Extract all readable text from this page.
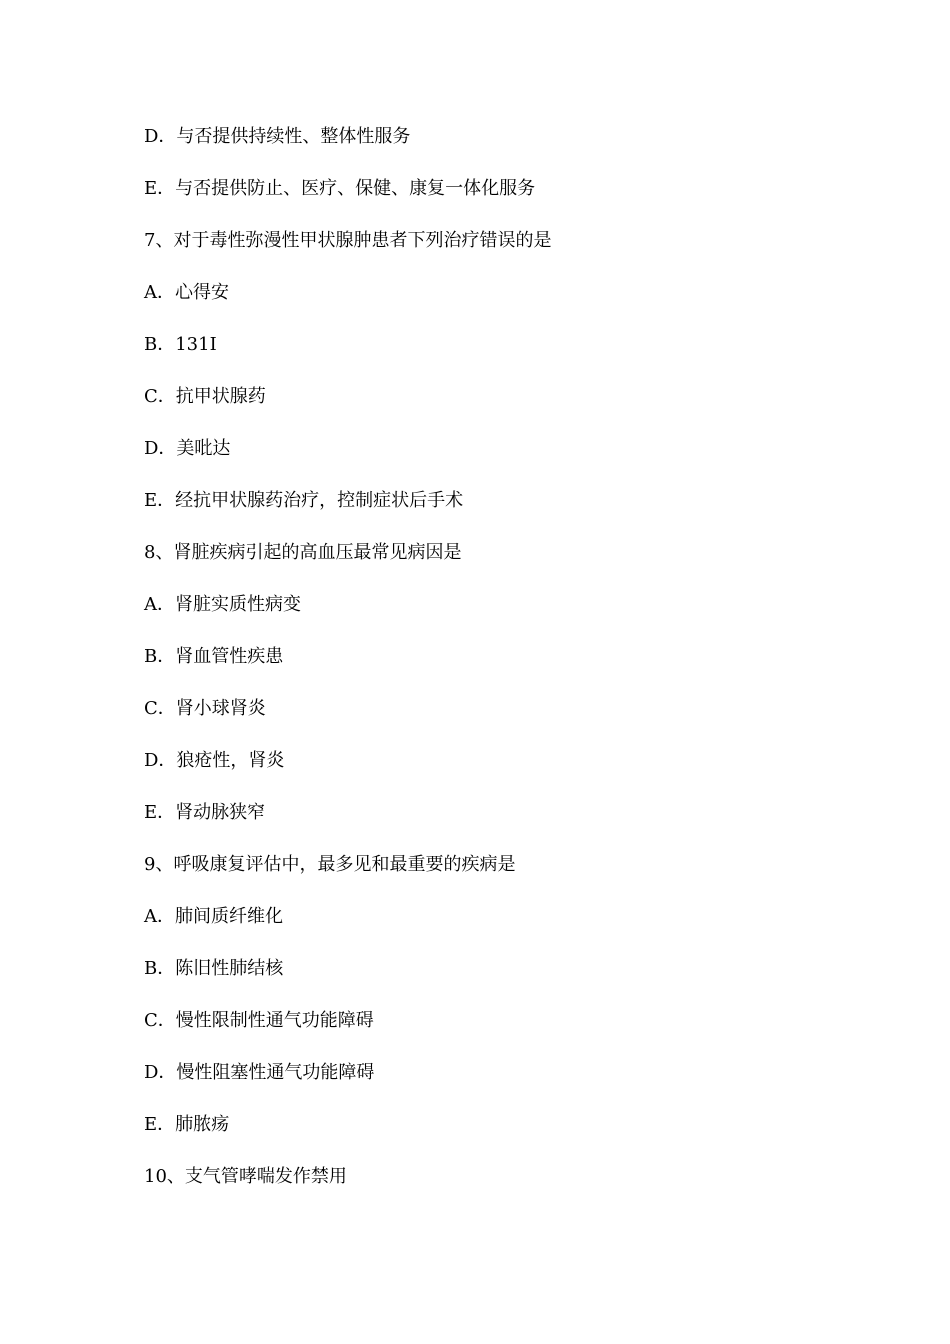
D．与否提供持续性、整体性服务
E．与否提供防止、医疗、保健、康复一体化服务
7、对于毒性弥漫性甲状腺肿患者下列治疗错误的是
A．心得安
B．131I
C．抗甲状腺药
D．美吡达
E．经抗甲状腺药治疗，控制症状后手术
8、肾脏疾病引起的高血压最常见病因是
A．肾脏实质性病变
B．肾血管性疾患
C．肾小球肾炎
D．狼疮性，肾炎
E．肾动脉狭窄
9、呼吸康复评估中，最多见和最重要的疾病是
A．肺间质纤维化
B．陈旧性肺结核
C．慢性限制性通气功能障碍
D．慢性阻塞性通气功能障碍
E．肺脓疡
10、支气管哮喘发作禁用
